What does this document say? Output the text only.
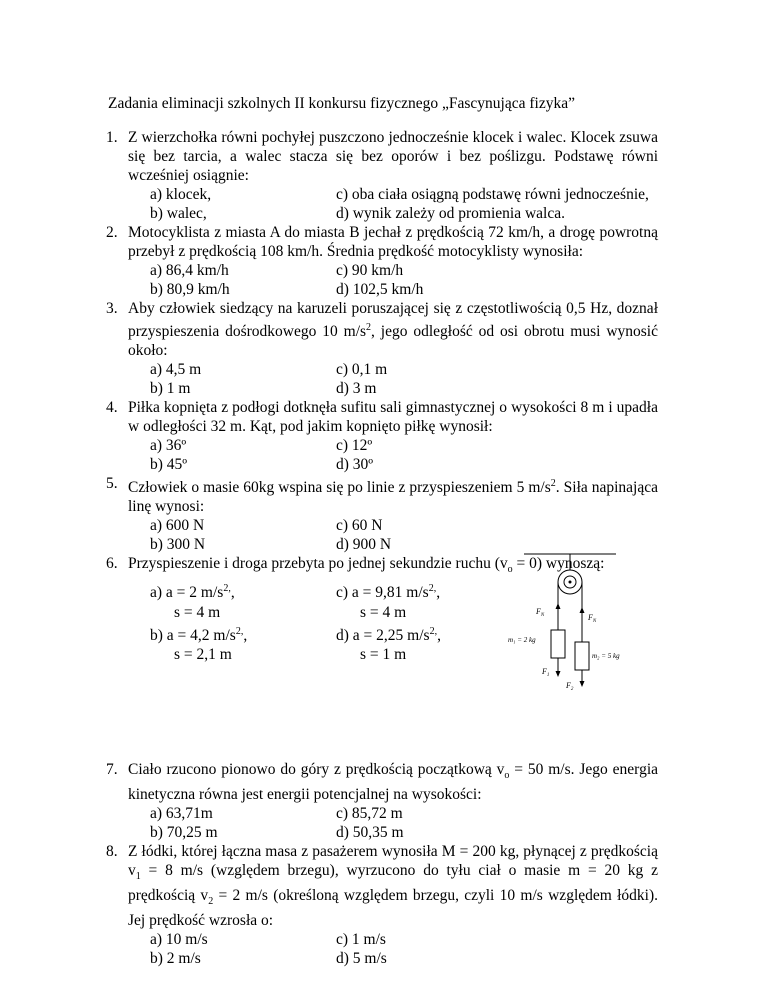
Zadania eliminacji szkolnych II konkursu fizycznego „Fascynująca fizyka”
1. Z wierzchołka równi pochyłej puszczono jednocześnie klocek i walec. Klocek zsuwa się bez tarcia, a walec stacza się bez oporów i bez poślizgu. Podstawę równi wcześniej osiągnie:
a) klocek,	c) oba ciała osiągną podstawę równi jednocześnie,
b) walec,	d) wynik zależy od promienia walca.
2. Motocyklista z miasta A do miasta B jechał z prędkością 72 km/h, a drogę powrotną przebył z prędkością 108 km/h. Średnia prędkość motocyklisty wynosiła:
a) 86,4 km/h	c) 90 km/h
b) 80,9 km/h	d) 102,5 km/h
3. Aby człowiek siedzący na karuzeli poruszającej się z częstotliwością 0,5 Hz, doznał przyspieszenia dośrodkowego 10 $m/s^2$, jego odległość od osi obrotu musi wynosić około:
a) 4,5 m	c) 0,1 m
b) 1 m	d) 3 m
4. Piłka kopnięta z podłogi dotknęła sufitu sali gimnastycznej o wysokości 8 m i upadła w odległości 32 m. Kąt, pod jakim kopnięto piłkę wynosił:
a) 36º	c) 12º
b) 45º	d) 30º
5. Człowiek o masie 60kg wspina się po linie z przyspieszeniem 5 $m/s^2$. Siła napinająca linę wynosi:
a) 600 N	c) 60 N
b) 300 N	d) 900 N
6. Przyspieszenie i droga przebyta po jednej sekundzie ruchu $(v_o = 0)$ wynoszą:
a) a = 2 $m/s^{2,}$,	c) a = 9,81 $m/s^{2,}$,
s = 4 m	s = 4 m
b) a = 4,2 $m/s^{2,}$,	d) a = 2,25 $m/s^{2,}$,
s = 2,1 m	s = 1 m
7. Ciało rzucono pionowo do góry z prędkością początkową $v_o = 50$ m/s. Jego energia kinetyczna równa jest energii potencjalnej na wysokości:
a) 63,71m	c) 85,72 m
b) 70,25 m	d) 50,35 m
8. Z łódki, której łączna masa z pasażerem wynosiła M = 200 kg, płynącej z prędkością $v_1 = 8$ m/s (względem brzegu), wyrzucono do tyłu ciał o masie m = 20 kg z prędkością $v_2 = 2$ m/s (określoną względem brzegu, czyli 10 m/s względem łódki). Jej prędkość wzrosła o:
a) 10 m/s	c) 1 m/s
b) 2 m/s	d) 5 m/s
$F_N$	$F_N$
m₁ = 2 kg
m₂ = 5 kg
$F_1$
$F_2$
